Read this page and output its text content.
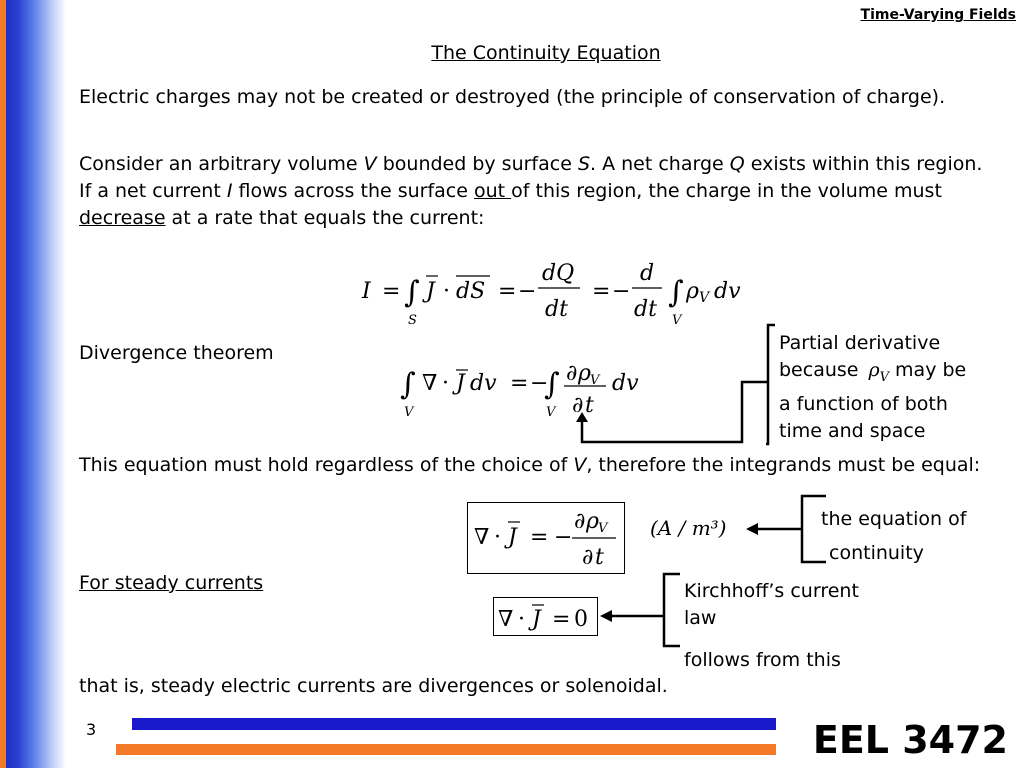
Time-Varying Fields
The Continuity Equation
Electric charges may not be created or destroyed (the principle of conservation of charge).
Consider an arbitrary volume V bounded by surface S. A net charge Q exists within this region. If a net current I flows across the surface out of this region, the charge in the volume must decrease at a rate that equals the current:
I = ∫
S
J · dS = −
dQ
dt
= −
d
dt ∫
V
ρ V dv
Divergence theorem
∫
V
∇ · J dv = −
∫
V
∂ ρ V
∂ t
dv
Partial derivative
because $\rho_V$ may be
a function of both
time and space
This equation must hold regardless of the choice of V, therefore the integrands must be equal:
∇ · J = −
∂ ρ V
∂ t
(A / m³)	the equation of
continuity
For steady currents
∇ · J = 0
Kirchhoff’s current
law
follows from this
that is, steady electric currents are divergences or solenoidal.
3	EEL 3472
